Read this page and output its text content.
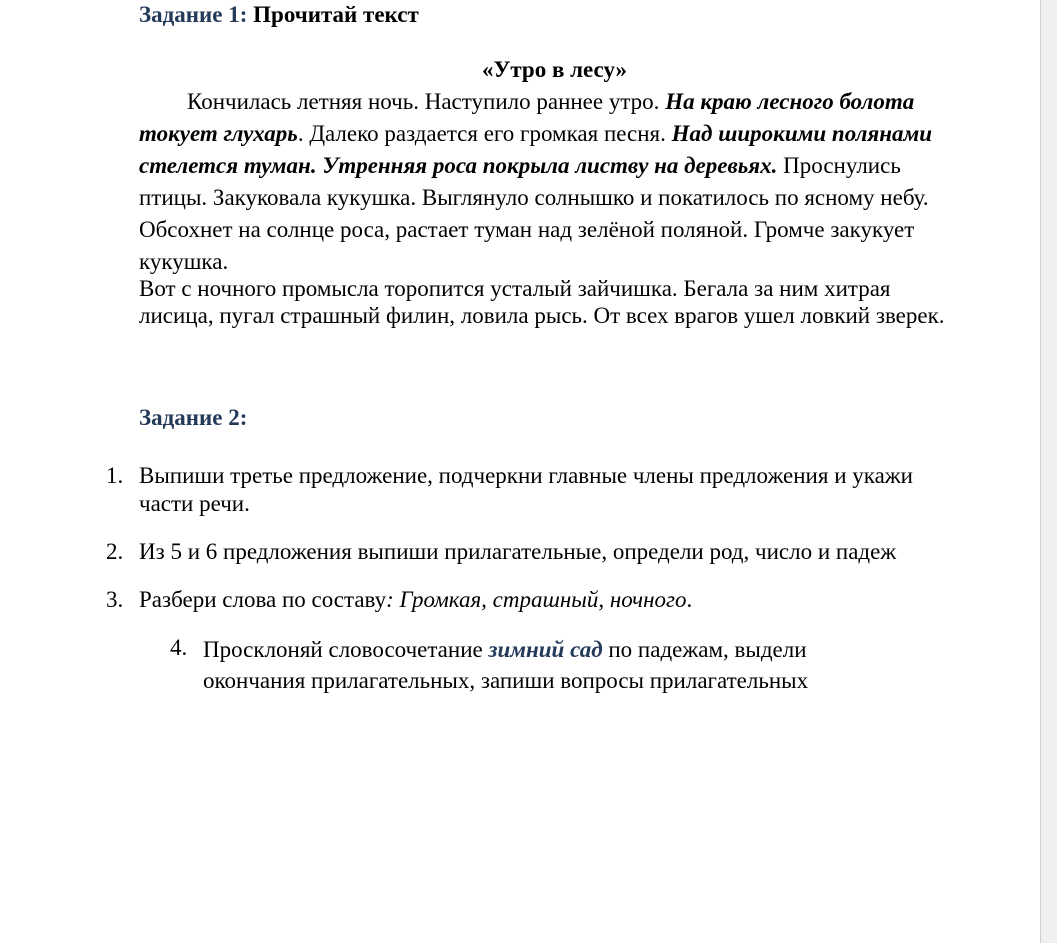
Задание 1: Прочитай текст
«Утро в лесу»
Кончилась летняя ночь. Наступило раннее утро. На краю лесного болота токует глухарь. Далеко раздается его громкая песня. Над широкими полянами стелется туман. Утренняя роса покрыла листву на деревьях. Проснулись птицы. Закуковала кукушка. Выглянуло солнышко и покатилось по ясному небу. Обсохнет на солнце роса, растает туман над зелёной поляной. Громче закукует кукушка.
Вот с ночного промысла торопится усталый зайчишка. Бегала за ним хитрая лисица, пугал страшный филин, ловила рысь. От всех врагов ушел ловкий зверек.
Задание 2:
1. Выпиши третье предложение, подчеркни главные члены предложения и укажи части речи.
2. Из 5 и 6 предложения выпиши прилагательные, определи род, число и падеж
3. Разбери слова по составу: Громкая, страшный, ночного.
4. Просклоняй словосочетание зимний сад по падежам, выдели окончания прилагательных, запиши вопросы прилагательных
